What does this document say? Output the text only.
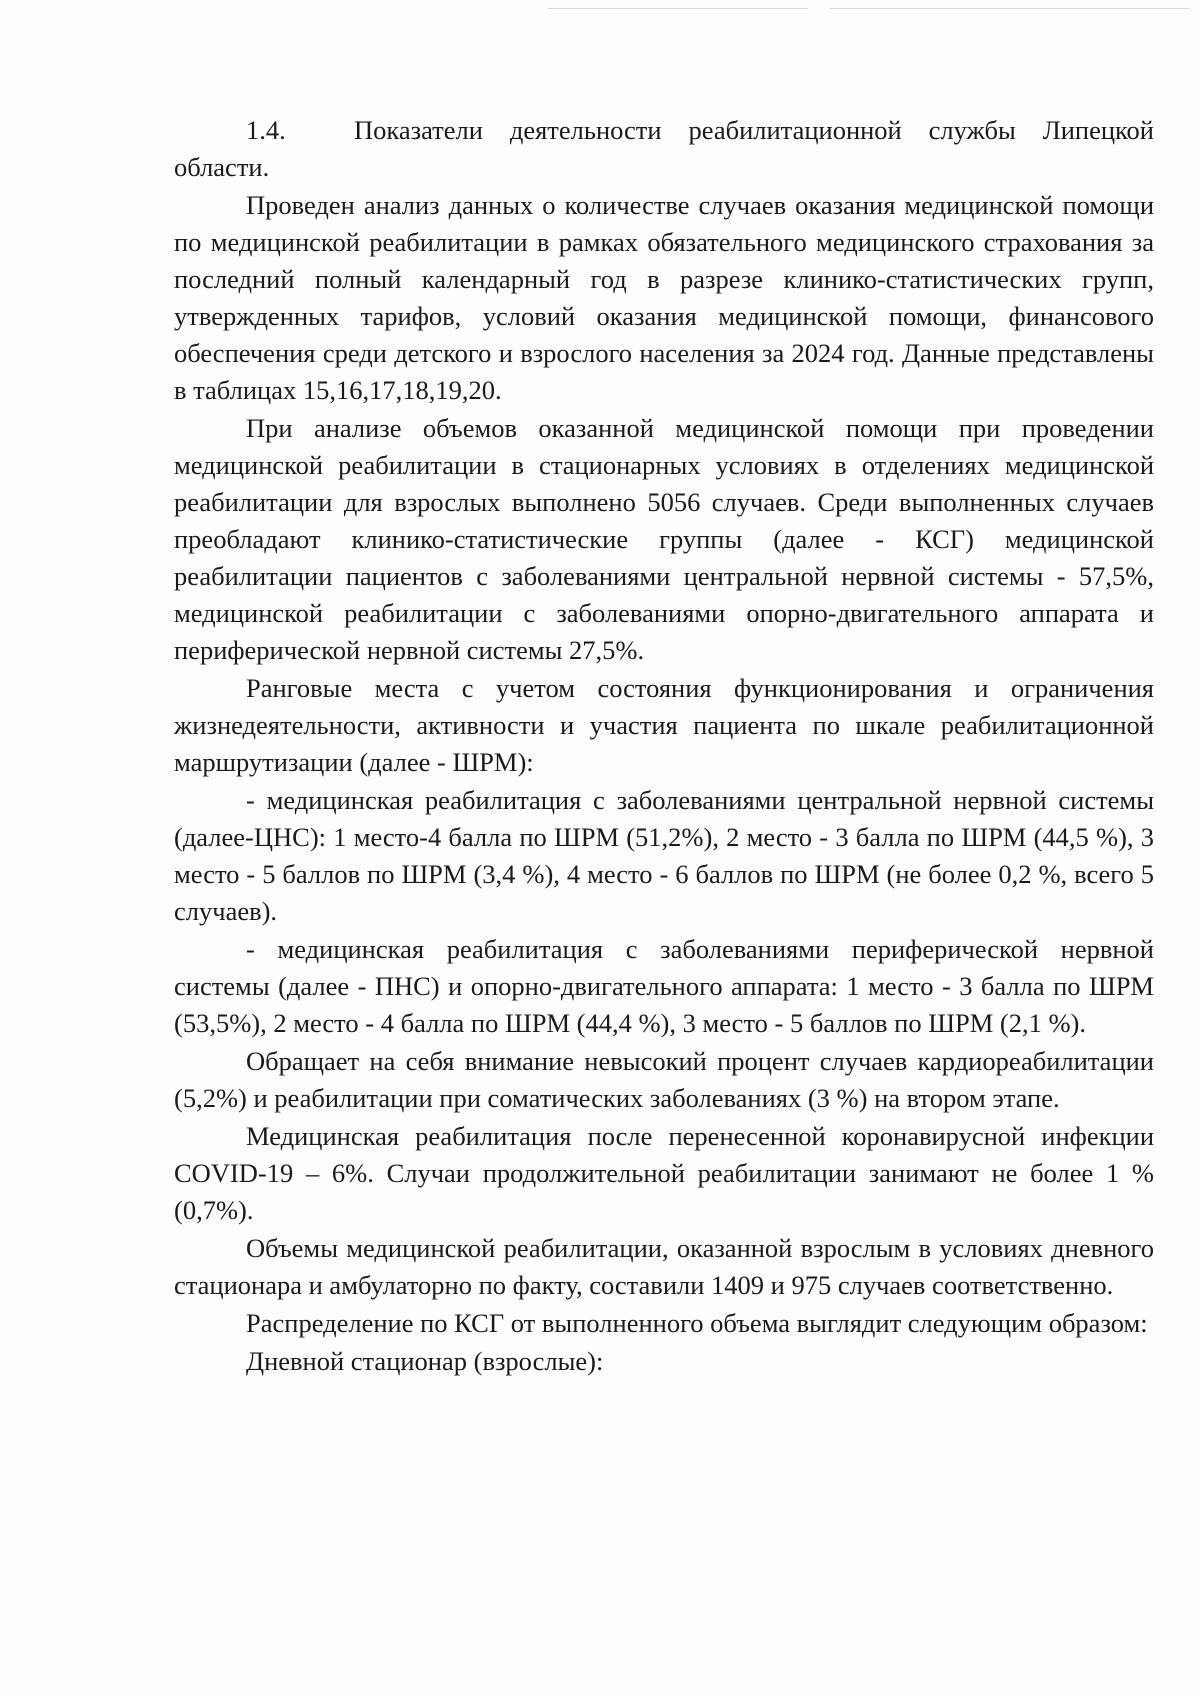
1.4.	Показатели деятельности реабилитационной службы Липецкой области.

Проведен анализ данных о количестве случаев оказания медицинской помощи по медицинской реабилитации в рамках обязательного медицинского страхования за последний полный календарный год в разрезе клинико-статистических групп, утвержденных тарифов, условий оказания медицинской помощи, финансового обеспечения среди детского и взрослого населения за 2024 год. Данные представлены в таблицах 15,16,17,18,19,20.

При анализе объемов оказанной медицинской помощи при проведении медицинской реабилитации в стационарных условиях в отделениях медицинской реабилитации для взрослых выполнено 5056 случаев. Среди выполненных случаев преобладают клинико-статистические группы (далее - КСГ) медицинской реабилитации пациентов с заболеваниями центральной нервной системы - 57,5%, медицинской реабилитации с заболеваниями опорно-двигательного аппарата и периферической нервной системы 27,5%.

Ранговые места с учетом состояния функционирования и ограничения жизнедеятельности, активности и участия пациента по шкале реабилитационной маршрутизации (далее - ШРМ):

- медицинская реабилитация с заболеваниями центральной нервной системы (далее-ЦНС): 1 место-4 балла по ШРМ (51,2%), 2 место - 3 балла по ШРМ (44,5 %), 3 место - 5 баллов по ШРМ (3,4 %), 4 место - 6 баллов по ШРМ (не более 0,2 %, всего 5 случаев).

- медицинская реабилитация с заболеваниями периферической нервной системы (далее - ПНС) и опорно-двигательного аппарата: 1 место - 3 балла по ШРМ (53,5%), 2 место - 4 балла по ШРМ (44,4 %), 3 место - 5 баллов по ШРМ (2,1 %).

Обращает на себя внимание невысокий процент случаев кардиореабилитации (5,2%) и реабилитации при соматических заболеваниях (3 %) на втором этапе.

Медицинская реабилитация после перенесенной коронавирусной инфекции COVID-19 – 6%. Случаи продолжительной реабилитации занимают не более 1 % (0,7%).

Объемы медицинской реабилитации, оказанной взрослым в условиях дневного стационара и амбулаторно по факту, составили 1409 и 975 случаев соответственно.

Распределение по КСГ от выполненного объема выглядит следующим образом:

Дневной стационар (взрослые):
